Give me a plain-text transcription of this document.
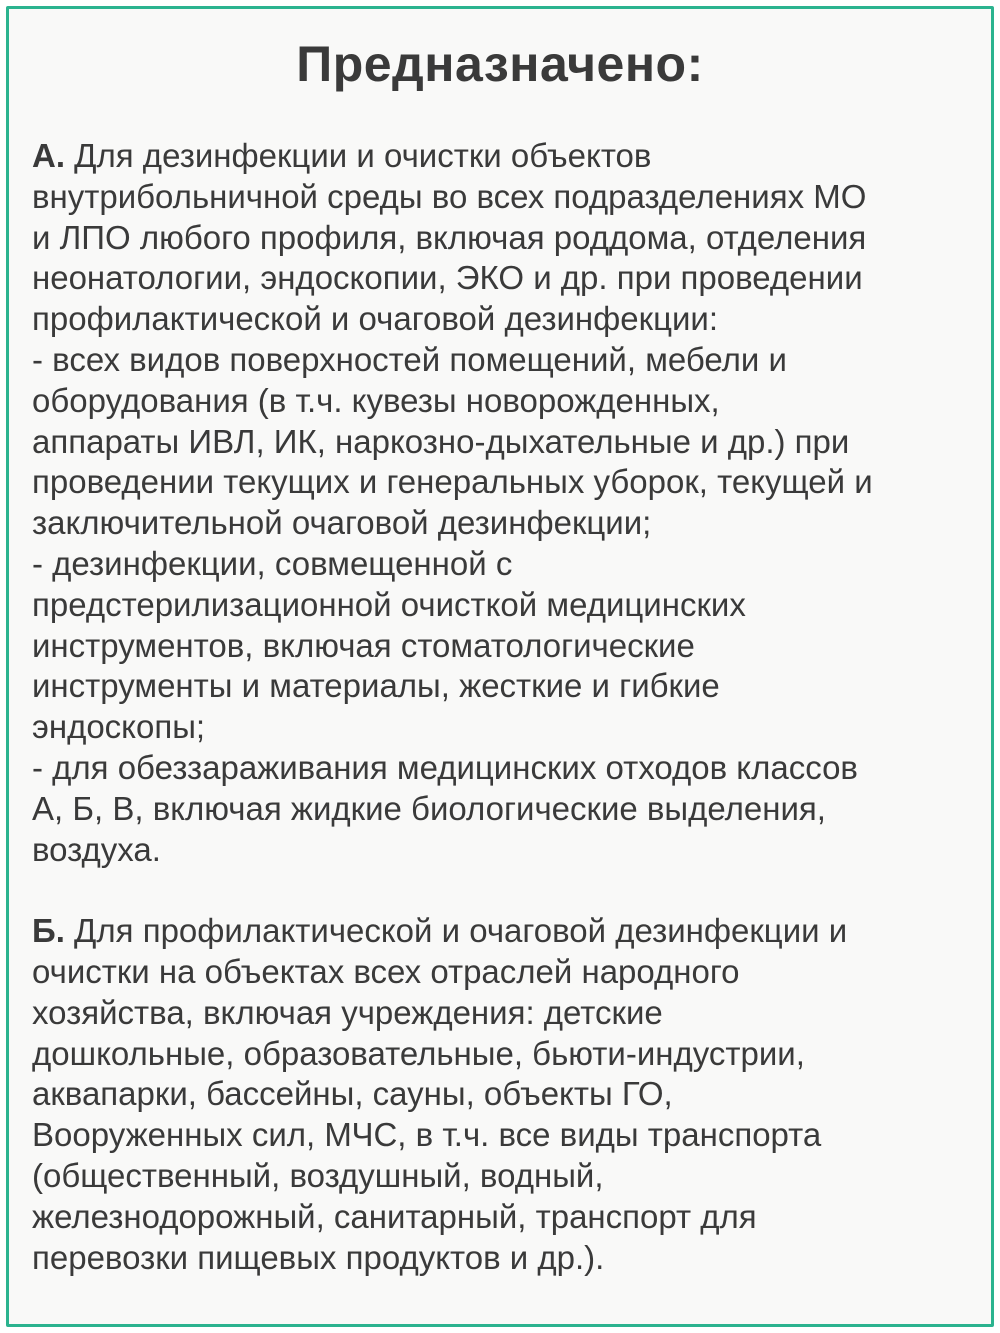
Предназначено:
А. Для дезинфекции и очистки объектов
внутрибольничной среды во всех подразделениях МО
и ЛПО любого профиля, включая роддома, отделения
неонатологии, эндоскопии, ЭКО и др. при проведении
профилактической и очаговой дезинфекции:
- всех видов поверхностей помещений, мебели и
оборудования (в т.ч. кувезы новорожденных,
аппараты ИВЛ, ИК, наркозно-дыхательные и др.) при
проведении текущих и генеральных уборок, текущей и
заключительной очаговой дезинфекции;
- дезинфекции, совмещенной с
предстерилизационной очисткой медицинских
инструментов, включая стоматологические
инструменты и материалы, жесткие и гибкие
эндоскопы;
- для обеззараживания медицинских отходов классов
А, Б, В, включая жидкие биологические выделения,
воздуха.
Б. Для профилактической и очаговой дезинфекции и
очистки на объектах всех отраслей народного
хозяйства, включая учреждения: детские
дошкольные, образовательные, бьюти-индустрии,
аквапарки, бассейны, сауны, объекты ГО,
Вооруженных сил, МЧС, в т.ч. все виды транспорта
(общественный, воздушный, водный,
железнодорожный, санитарный, транспорт для
перевозки пищевых продуктов и др.).
